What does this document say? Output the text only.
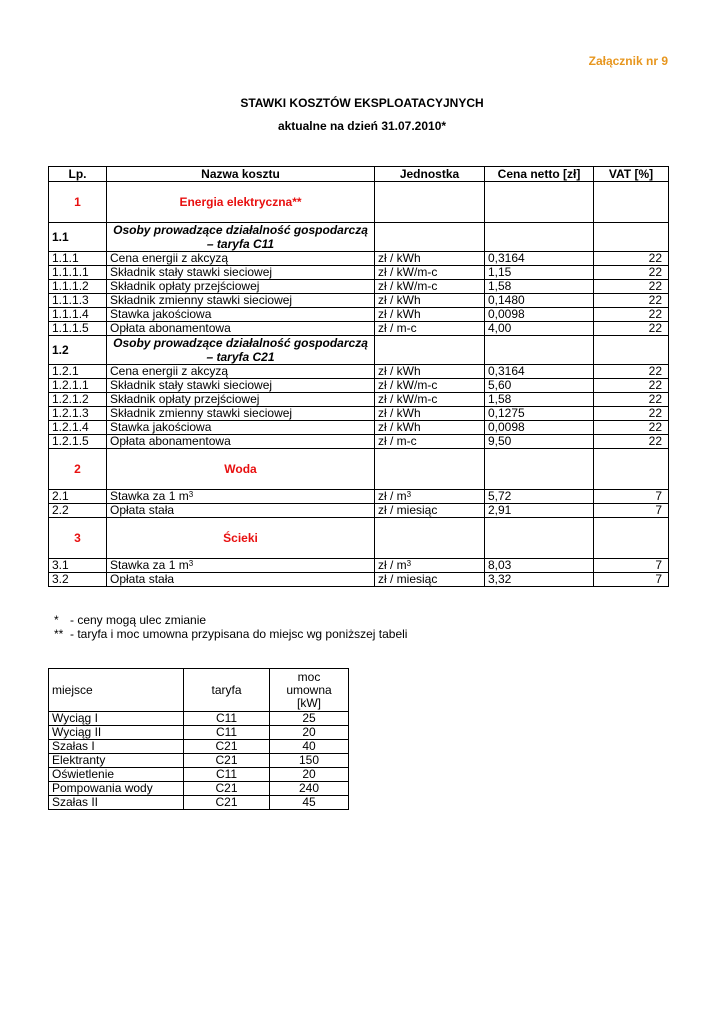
Załącznik nr 9
STAWKI KOSZTÓW EKSPLOATACYJNYCH
aktualne na dzień 31.07.2010*
Lp.	Nazwa kosztu	Jednostka	Cena netto [zł]	VAT [%]
1	Energia elektryczna**			
1.1	Osoby prowadzące działalność gospodarczą – taryfa C11			
1.1.1	Cena energii z akcyzą	zł / kWh	0,3164	22
1.1.1.1	Składnik stały stawki sieciowej	zł / kW/m-c	1,15	22
1.1.1.2	Składnik opłaty przejściowej	zł / kW/m-c	1,58	22
1.1.1.3	Składnik zmienny stawki sieciowej	zł / kWh	0,1480	22
1.1.1.4	Stawka jakościowa	zł / kWh	0,0098	22
1.1.1.5	Opłata abonamentowa	zł / m-c	4,00	22
1.2	Osoby prowadzące działalność gospodarczą – taryfa C21			
1.2.1	Cena energii z akcyzą	zł / kWh	0,3164	22
1.2.1.1	Składnik stały stawki sieciowej	zł / kW/m-c	5,60	22
1.2.1.2	Składnik opłaty przejściowej	zł / kW/m-c	1,58	22
1.2.1.3	Składnik zmienny stawki sieciowej	zł / kWh	0,1275	22
1.2.1.4	Stawka jakościowa	zł / kWh	0,0098	22
1.2.1.5	Opłata abonamentowa	zł / m-c	9,50	22
2	Woda			
2.1	Stawka za 1 $m^3$	zł / $m^3$	5,72	7
2.2	Opłata stała	zł / miesiąc	2,91	7
3	Ścieki			
3.1	Stawka za 1 $m^3$	zł / $m^3$	8,03	7
3.2	Opłata stała	zł / miesiąc	3,32	7
* - ceny mogą ulec zmianie
** - taryfa i moc umowna przypisana do miejsc wg poniższej tabeli
miejsce	taryfa	moc
umowna
[kW]

Wyciąg I	C11	25
Wyciąg II	C11	20
Szałas I	C21	40
Elektranty	C21	150
Oświetlenie	C11	20
Pompowania wody	C21	240
Szałas II	C21	45
